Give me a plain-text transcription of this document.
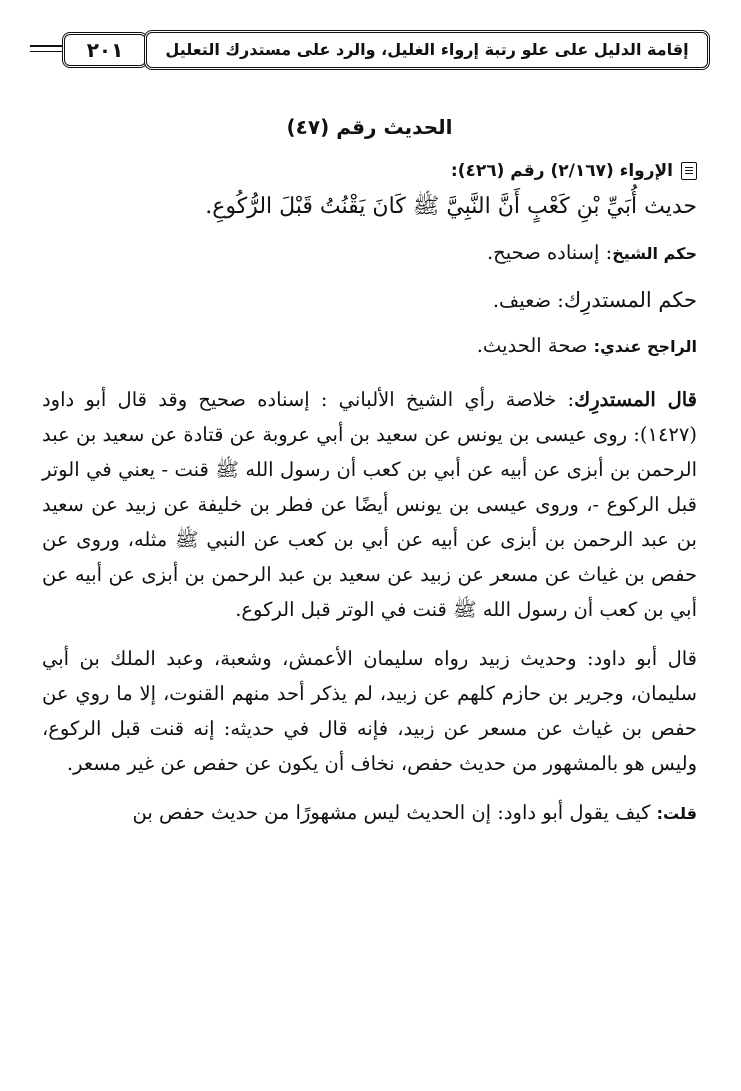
٢٠١	إقامة الدليل على علو رتبة إرواء الغليل، والرد على مستدرك التعليل
الحديث رقم (٤٧)
الإرواء (٢/١٦٧) رقم (٤٢٦):
حديث أُبَيِّ بْنِ كَعْبٍ أَنَّ النَّبِيَّ ﷺ كَانَ يَقْنُتُ قَبْلَ الرُّكُوعِ.
حكم الشيخ: إسناده صحيح.
حكم المستدرِك: ضعيف.
الراجح عندي: صحة الحديث.

قال المستدرِك: خلاصة رأي الشيخ الألباني : إسناده صحيح وقد قال أبو داود (١٤٢٧): روى عيسى بن يونس عن سعيد بن أبي عروبة عن قتادة عن سعيد بن عبد الرحمن بن أبزى عن أبيه عن أبي بن كعب أن رسول الله ﷺ قنت - يعني في الوتر قبل الركوع -، وروى عيسى بن يونس أيضًا عن فطر بن خليفة عن زبيد عن سعيد بن عبد الرحمن بن أبزى عن أبيه عن أبي بن كعب عن النبي ﷺ مثله، وروى عن حفص بن غياث عن مسعر عن زبيد عن سعيد بن عبد الرحمن بن أبزى عن أبيه عن أبي بن كعب أن رسول الله ﷺ قنت في الوتر قبل الركوع.

قال أبو داود: وحديث زبيد رواه سليمان الأعمش، وشعبة، وعبد الملك بن أبي سليمان، وجرير بن حازم كلهم عن زبيد، لم يذكر أحد منهم القنوت، إلا ما روي عن حفص بن غياث عن مسعر عن زبيد، فإنه قال في حديثه: إنه قنت قبل الركوع، وليس هو بالمشهور من حديث حفص، نخاف أن يكون عن حفص عن غير مسعر.

قلت: كيف يقول أبو داود: إن الحديث ليس مشهورًا من حديث حفص بن
